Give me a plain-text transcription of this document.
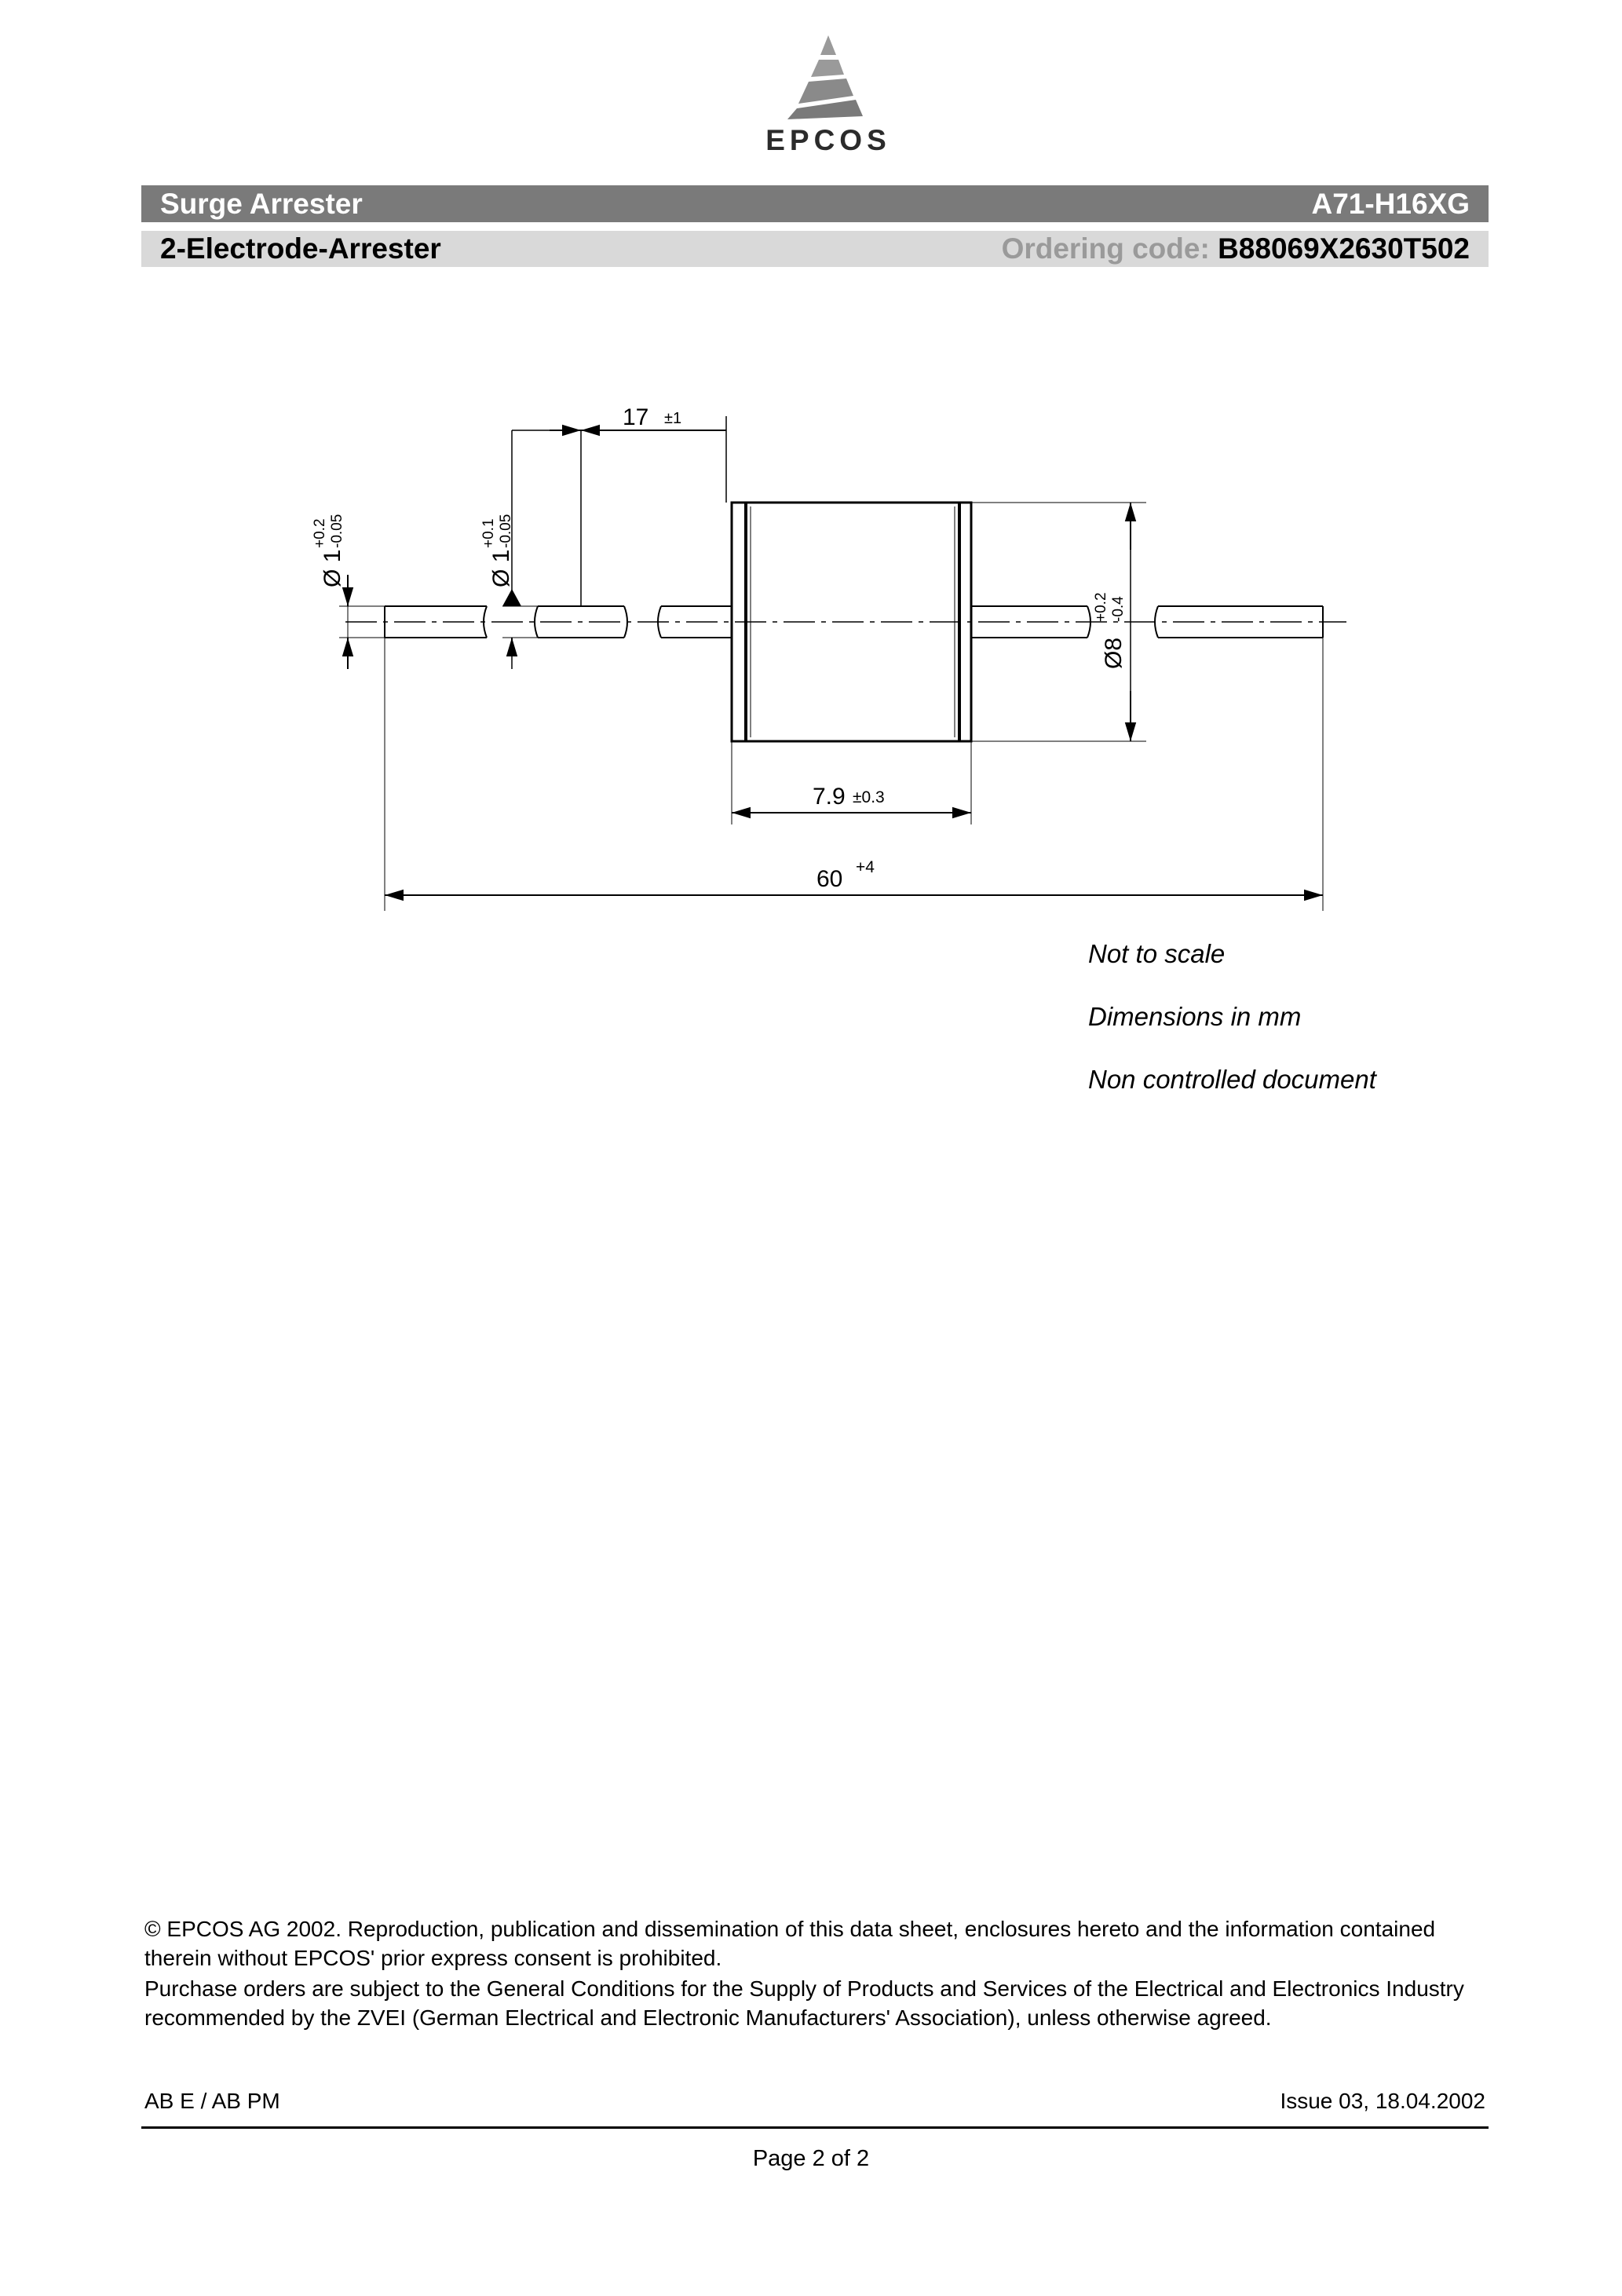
EPCOS
Surge Arrester	A71-H16XG
2-Electrode-Arrester	Ordering code: B88069X2630T502
17 ±1
Ø 1
+0.2 -0.05
Ø 1
+0.1 -0.05
Ø8
+0.2 -0.4
7.9 ±0.3
60 +4
Not to scale
Dimensions in mm
Non controlled document
© EPCOS AG 2002. Reproduction, publication and dissemination of this data sheet, enclosures hereto and the information contained therein without EPCOS' prior express consent is prohibited.
Purchase orders are subject to the General Conditions for the Supply of Products and Services of the Electrical and Electronics Industry recommended by the ZVEI (German Electrical and Electronic Manufacturers' Association), unless otherwise agreed.
AB E / AB PM	Issue 03, 18.04.2002
Page 2 of 2
